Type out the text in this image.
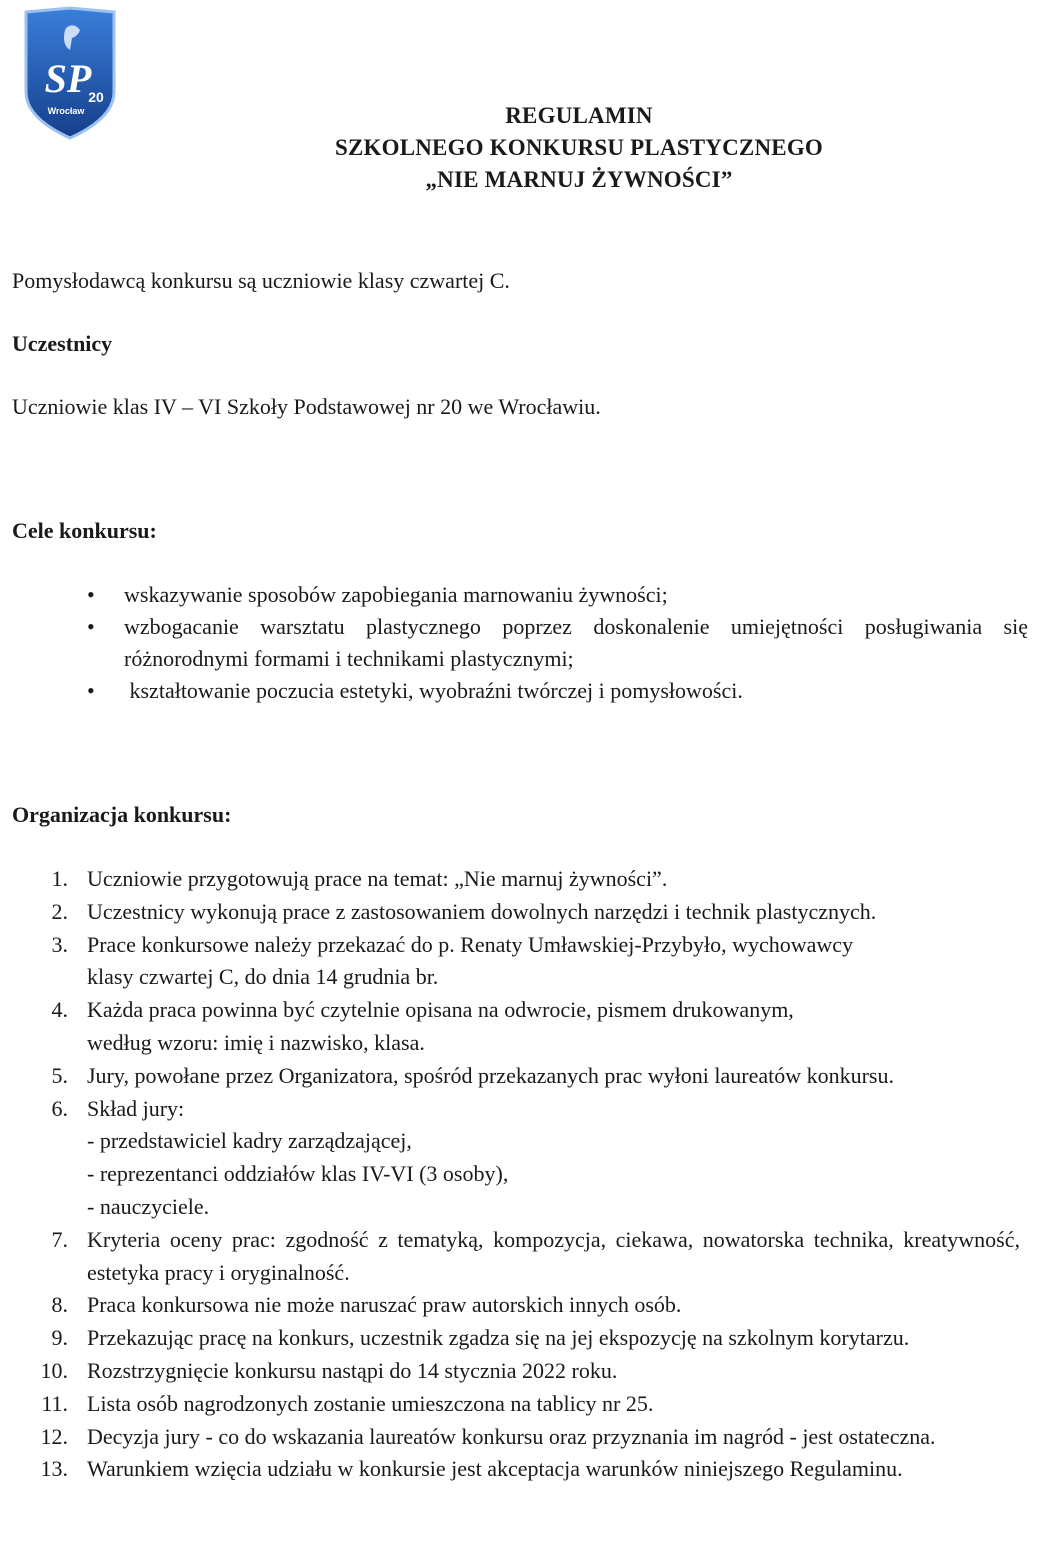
SP
20
Wrocław	REGULAMIN
SZKOLNEGO KONKURSU PLASTYCZNEGO
„NIE MARNUJ ŻYWNOŚCI”

Pomysłodawcą konkursu są uczniowie klasy czwartej C.

Uczestnicy

Uczniowie klas IV – VI Szkoły Podstawowej nr 20 we Wrocławiu.

Cele konkursu:

• wskazywanie sposobów zapobiegania marnowaniu żywności;
• wzbogacanie warsztatu plastycznego poprzez doskonalenie umiejętności posługiwania się różnorodnymi formami i technikami plastycznymi;
• kształtowanie poczucia estetyki, wyobraźni twórczej i pomysłowości.

Organizacja konkursu:

1. Uczniowie przygotowują prace na temat: „Nie marnuj żywności”.
2. Uczestnicy wykonują prace z zastosowaniem dowolnych narzędzi i technik plastycznych.
3. Prace konkursowe należy przekazać do p. Renaty Umławskiej-Przybyło, wychowawcy
klasy czwartej C, do dnia 14 grudnia br.
4. Każda praca powinna być czytelnie opisana na odwrocie, pismem drukowanym,
według wzoru: imię i nazwisko, klasa.
5. Jury, powołane przez Organizatora, spośród przekazanych prac wyłoni laureatów konkursu.
6. Skład jury:
- przedstawiciel kadry zarządzającej,
- reprezentanci oddziałów klas IV-VI (3 osoby),
- nauczyciele.
7. Kryteria oceny prac: zgodność z tematyką, kompozycja, ciekawa, nowatorska technika, kreatywność, estetyka pracy i oryginalność.
8. Praca konkursowa nie może naruszać praw autorskich innych osób.
9. Przekazując pracę na konkurs, uczestnik zgadza się na jej ekspozycję na szkolnym korytarzu.
10. Rozstrzygnięcie konkursu nastąpi do 14 stycznia 2022 roku.
11. Lista osób nagrodzonych zostanie umieszczona na tablicy nr 25.
12. Decyzja jury - co do wskazania laureatów konkursu oraz przyznania im nagród - jest ostateczna.
13. Warunkiem wzięcia udziału w konkursie jest akceptacja warunków niniejszego Regulaminu.
